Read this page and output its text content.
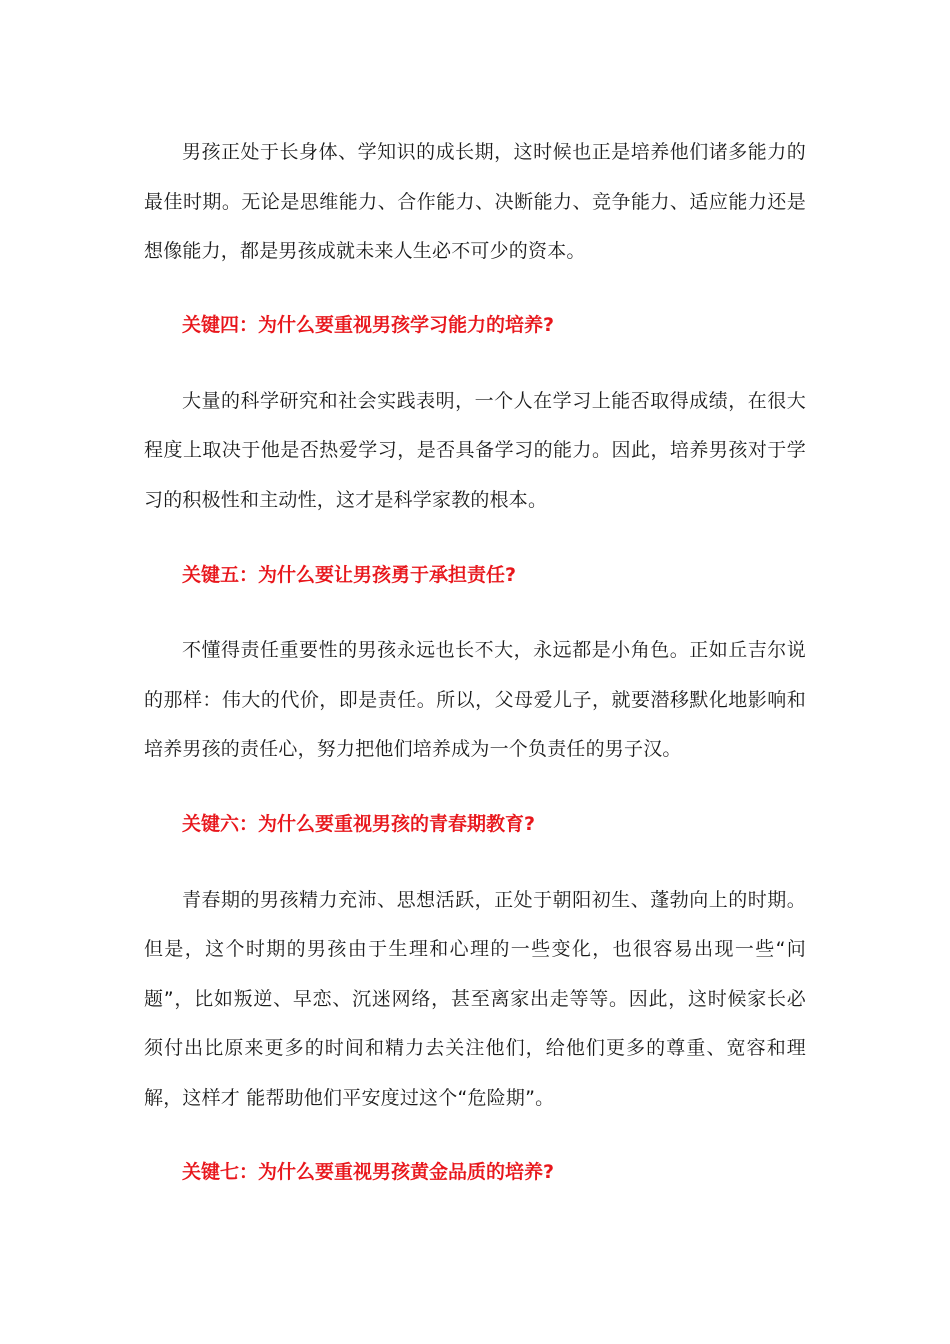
男孩正处于长身体、学知识的成长期，这时候也正是培养他们诸多能力的最佳时期。无论是思维能力、合作能力、决断能力、竞争能力、适应能力还是想像能力，都是男孩成就未来人生必不可少的资本。

关键四：为什么要重视男孩学习能力的培养?

大量的科学研究和社会实践表明，一个人在学习上能否取得成绩，在很大程度上取决于他是否热爱学习，是否具备学习的能力。因此，培养男孩对于学习的积极性和主动性，这才是科学家教的根本。

关键五：为什么要让男孩勇于承担责任?

不懂得责任重要性的男孩永远也长不大，永远都是小角色。正如丘吉尔说的那样：伟大的代价，即是责任。所以，父母爱儿子，就要潜移默化地影响和培养男孩的责任心，努力把他们培养成为一个负责任的男子汉。

关键六：为什么要重视男孩的青春期教育?

青春期的男孩精力充沛、思想活跃，正处于朝阳初生、蓬勃向上的时期。但是，这个时期的男孩由于生理和心理的一些变化，也很容易出现一些“问题”，比如叛逆、早恋、沉迷网络，甚至离家出走等等。因此，这时候家长必须付出比原来更多的时间和精力去关注他们，给他们更多的尊重、宽容和理解，这样才 能帮助他们平安度过这个“危险期”。

关键七：为什么要重视男孩黄金品质的培养?
